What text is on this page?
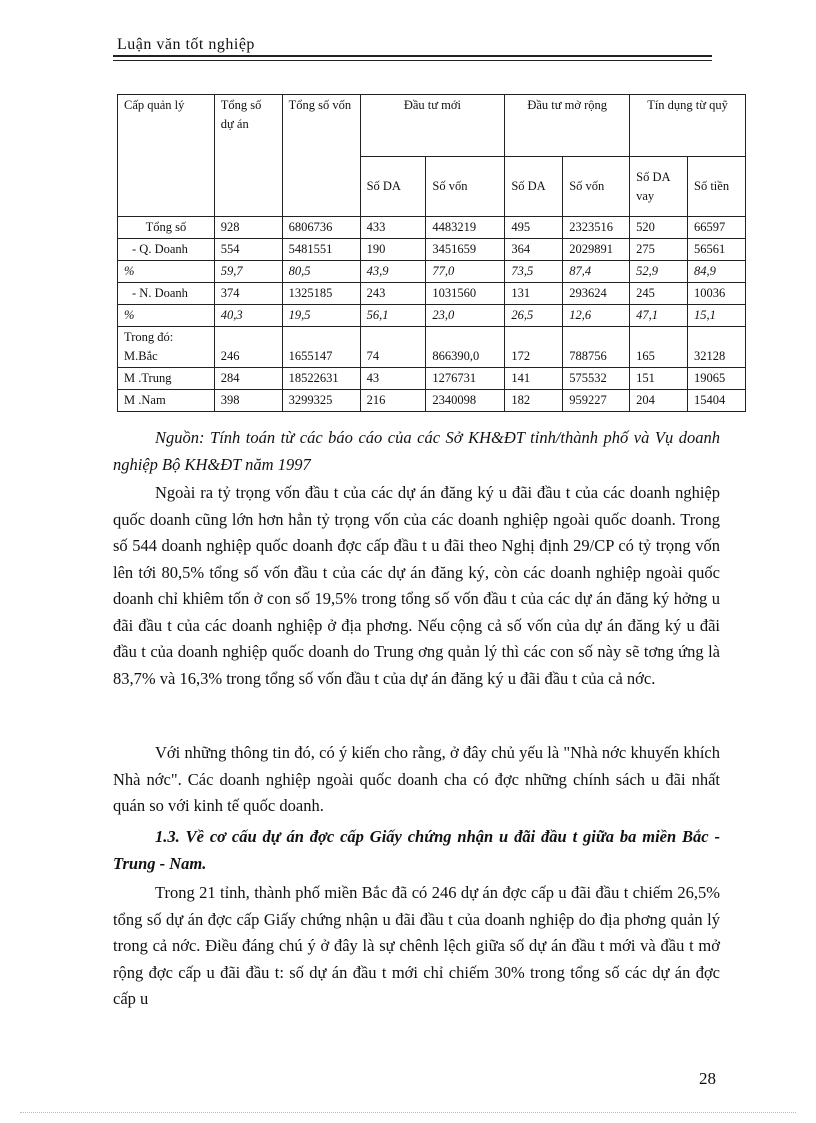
Luận văn tốt nghiệp
Cấp quản lý	Tổng số dự án	Tổng số vốn	Đầu tư mới		Đầu tư mở rộng		Tín dụng từ quỹ	
			Số DA	Số vốn	Số DA	Số vốn	Số DA vay	Số tiền
Tổng số	928	6806736	433	4483219	495	2323516	520	66597
- Q. Doanh	554	5481551	190	3451659	364	2029891	275	56561
%	59,7	80,5	43,9	77,0	73,5	87,4	52,9	84,9
- N. Doanh	374	1325185	243	1031560	131	293624	245	10036
%	40,3	19,5	56,1	23,0	26,5	12,6	47,1	15,1
Trong đó: M.Bắc	246	1655147	74	866390,0	172	788756	165	32128
M .Trung	284	18522631	43	1276731	141	575532	151	19065
M .Nam	398	3299325	216	2340098	182	959227	204	15404

Nguồn: Tính toán từ các báo cáo của các Sở KH&ĐT tỉnh/thành phố và Vụ doanh nghiệp Bộ KH&ĐT năm 1997

Ngoài ra tỷ trọng vốn đầu t của các dự án đăng ký u đãi đầu t của các doanh nghiệp quốc doanh cũng lớn hơn hẳn tỷ trọng vốn của các doanh nghiệp ngoài quốc doanh. Trong số 544 doanh nghiệp quốc doanh đợc cấp đầu t u đãi theo Nghị định 29/CP có tỷ trọng vốn lên tới 80,5% tổng số vốn đầu t của các dự án đăng ký, còn các doanh nghiệp ngoài quốc doanh chỉ khiêm tốn ở con số 19,5% trong tổng số vốn đầu t của các dự án đăng ký hởng u đãi đầu t của các doanh nghiệp ở địa phơng. Nếu cộng cả số vốn của dự án đăng ký u đãi đầu t của doanh nghiệp quốc doanh do Trung ơng quản lý thì các con số này sẽ tơng ứng là 83,7% và 16,3% trong tổng số vốn đầu t của dự án đăng ký u đãi đầu t của cả nớc.

Với những thông tin đó, có ý kiến cho rằng, ở đây chủ yếu là "Nhà nớc khuyến khích Nhà nớc". Các doanh nghiệp ngoài quốc doanh cha có đợc những chính sách u đãi nhất quán so với kinh tế quốc doanh.

1.3. Về cơ cấu dự án đợc cấp Giấy chứng nhận u đãi đầu t giữa ba miền Bắc - Trung - Nam.

Trong 21 tỉnh, thành phố miền Bắc đã có 246 dự án đợc cấp u đãi đầu t chiếm 26,5% tổng số dự án đợc cấp Giấy chứng nhận u đãi đầu t của doanh nghiệp do địa phơng quản lý trong cả nớc. Điều đáng chú ý ở đây là sự chênh lệch giữa số dự án đầu t mới và đầu t mở rộng đợc cấp u đãi đầu t: số dự án đầu t mới chỉ chiếm 30% trong tổng số các dự án đợc cấp u

28
